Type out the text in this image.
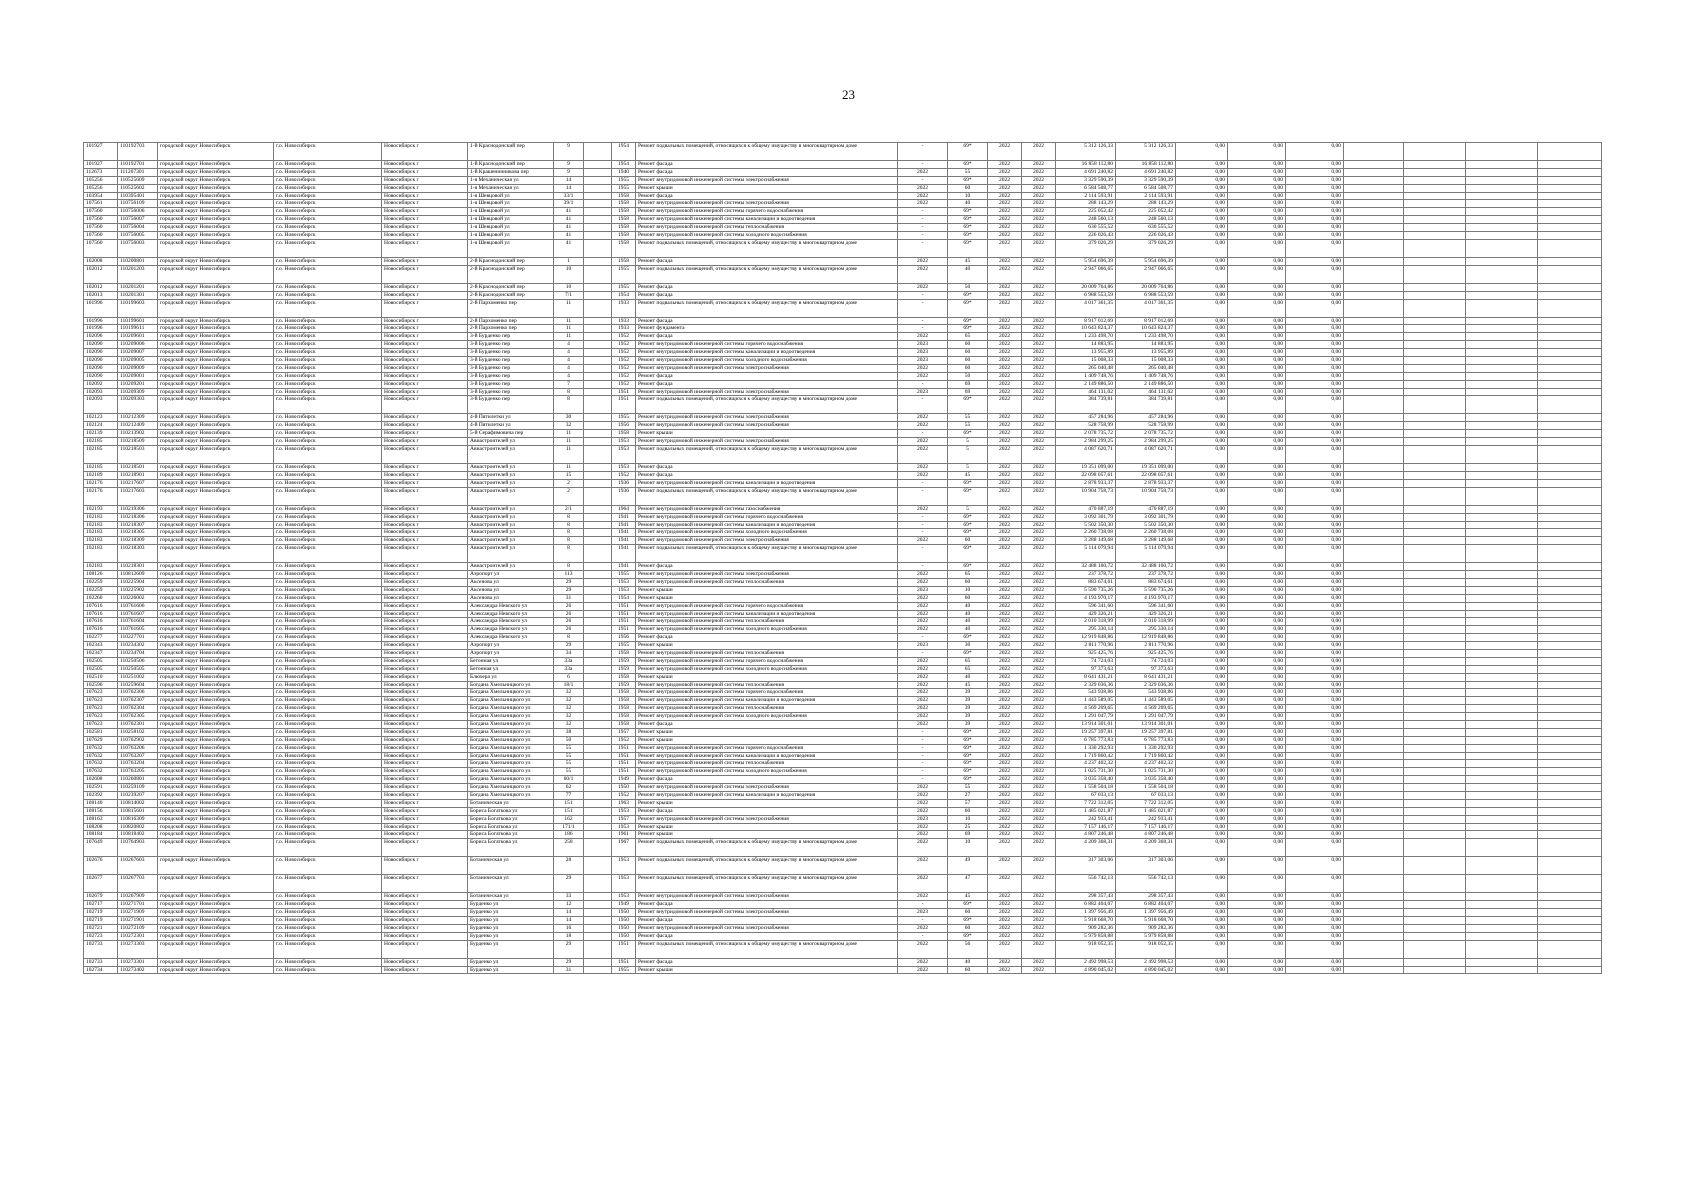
23
101927	110192703	городской округ Новосибирск	г.о. Новосибирск	Новосибирск г	1-й Краснодонский пер	9		1954	Ремонт подвальных помещений, относящихся к общему имуществу в многоквартирном доме	-	69*	2022	2022	5 312 126,33	5 312 126,33	0,00	0,00	0,00				
101927	110192701	городской округ Новосибирск	г.о. Новосибирск	Новосибирск г	1-й Краснодонский пер	9		1954	Ремонт фасада	-	69*	2022	2022	16 858 112,80	16 858 112,80	0,00	0,00	0,00				
112673	111267301	городской округ Новосибирск	г.о. Новосибирск	Новосибирск г	1-й Крашенинникова пер	9		1940	Ремонт фасада	2022	55	2022	2022	4 691 240,82	4 691 240,82	0,00	0,00	0,00				
105256	110525609	городской округ Новосибирск	г.о. Новосибирск	Новосибирск г	1-я Механическая ул	14		1955	Ремонт внутридомовой инженерной системы электроснабжения	-	69*	2022	2022	3 329 590,39	3 329 590,39	0,00	0,00	0,00				
105256	110525602	городской округ Новосибирск	г.о. Новосибирск	Новосибирск г	1-я Механическая ул	14		1955	Ремонт крыши	2022	60	2022	2022	6 584 508,77	6 584 508,77	0,00	0,00	0,00				
103954	110395401	городской округ Новосибирск	г.о. Новосибирск	Новосибирск г	1-я Шевцовой ул	33/1		1958	Ремонт фасада	2022	10	2022	2022	2 114 593,91	2 114 593,91	0,00	0,00	0,00				
107561	110756109	городской округ Новосибирск	г.о. Новосибирск	Новосибирск г	1-я Шевцовой ул	39/1		1958	Ремонт внутридомовой инженерной системы электроснабжения	2022	40	2022	2022	288 143,29	288 143,29	0,00	0,00	0,00				
107560	110756006	городской округ Новосибирск	г.о. Новосибирск	Новосибирск г	1-я Шевцовой ул	41		1958	Ремонт внутридомовой инженерной системы горячего водоснабжения	-	69*	2022	2022	225 052,42	225 052,42	0,00	0,00	0,00				
107560	110756007	городской округ Новосибирск	г.о. Новосибирск	Новосибирск г	1-я Шевцовой ул	41		1958	Ремонт внутридомовой инженерной системы канализации и водоотведения	-	69*	2022	2022	248 560,13	248 560,13	0,00	0,00	0,00				
107560	110756004	городской округ Новосибирск	г.о. Новосибирск	Новосибирск г	1-я Шевцовой ул	41		1958	Ремонт внутридомовой инженерной системы теплоснабжения	-	69*	2022	2022	630 555,52	630 555,52	0,00	0,00	0,00				
107560	110756005	городской округ Новосибирск	г.о. Новосибирск	Новосибирск г	1-я Шевцовой ул	41		1958	Ремонт внутридомовой инженерной системы холодного водоснабжения	-	69*	2022	2022	226 026,43	226 026,43	0,00	0,00	0,00				
107560	110756003	городской округ Новосибирск	г.о. Новосибирск	Новосибирск г	1-я Шевцовой ул	41		1958	Ремонт подвальных помещений, относящихся к общему имуществу в многоквартирном доме	-	69*	2022	2022	379 026,29	379 026,29	0,00	0,00	0,00				
102008	110200801	городской округ Новосибирск	г.о. Новосибирск	Новосибирск г	2-й Краснодонский пер	1		1958	Ремонт фасада	2022	45	2022	2022	5 954 696,39	5 954 696,39	0,00	0,00	0,00				
102012	110201203	городской округ Новосибирск	г.о. Новосибирск	Новосибирск г	2-й Краснодонский пер	10		1955	Ремонт подвальных помещений, относящихся к общему имуществу в многоквартирном доме	2022	40	2022	2022	2 947 066,65	2 947 066,65	0,00	0,00	0,00				
102012	110201201	городской округ Новосибирск	г.о. Новосибирск	Новосибирск г	2-й Краснодонский пер	10		1955	Ремонт фасада	2022	50	2022	2022	20 009 764,86	20 009 764,86	0,00	0,00	0,00				
102013	110201301	городской округ Новосибирск	г.о. Новосибирск	Новосибирск г	2-й Краснодонский пер	7/1		1954	Ремонт фасада	-	69*	2022	2022	6 988 553,59	6 988 553,59	0,00	0,00	0,00				
101996	110199603	городской округ Новосибирск	г.о. Новосибирск	Новосибирск г	2-й Пархоменко пер	11		1933	Ремонт подвальных помещений, относящихся к общему имуществу в многоквартирном доме	-	69*	2022	2022	4 017 361,35	4 017 361,35	0,00	0,00	0,00				
101996	110199601	городской округ Новосибирск	г.о. Новосибирск	Новосибирск г	2-й Пархоменко пер	11		1933	Ремонт фасада	-	69*	2022	2022	8 917 012,69	8 917 012,69	0,00	0,00	0,00				
101996	110199611	городской округ Новосибирск	г.о. Новосибирск	Новосибирск г	2-й Пархоменко пер	11		1933	Ремонт фундамента	-	69*	2022	2022	10 643 824,37	10 643 824,37	0,00	0,00	0,00				
102096	110209601	городской округ Новосибирск	г.о. Новосибирск	Новосибирск г	3-й Бурденко пер	11		1952	Ремонт фасада	2022	65	2022	2022	1 233 498,70	1 233 498,70	0,00	0,00	0,00				
102090	110209006	городской округ Новосибирск	г.о. Новосибирск	Новосибирск г	3-й Бурденко пер	4		1952	Ремонт внутридомовой инженерной системы горячего водоснабжения	2023	60	2022	2022	14 883,95	14 883,95	0,00	0,00	0,00				
102090	110209007	городской округ Новосибирск	г.о. Новосибирск	Новосибирск г	3-й Бурденко пер	4		1952	Ремонт внутридомовой инженерной системы канализации и водоотведения	2023	60	2022	2022	13 955,89	13 955,89	0,00	0,00	0,00				
102090	110209005	городской округ Новосибирск	г.о. Новосибирск	Новосибирск г	3-й Бурденко пер	4		1952	Ремонт внутридомовой инженерной системы холодного водоснабжения	2023	60	2022	2022	15 008,33	15 008,33	0,00	0,00	0,00				
102090	110209009	городской округ Новосибирск	г.о. Новосибирск	Новосибирск г	3-й Бурденко пер	4		1952	Ремонт внутридомовой инженерной системы электроснабжения	2022	60	2022	2022	265 040,48	265 040,48	0,00	0,00	0,00				
102090	110209001	городской округ Новосибирск	г.о. Новосибирск	Новосибирск г	3-й Бурденко пер	4		1952	Ремонт фасада	2022	50	2022	2022	1 409 748,76	1 409 748,76	0,00	0,00	0,00				
102092	110209201	городской округ Новосибирск	г.о. Новосибирск	Новосибирск г	3-й Бурденко пер	7		1952	Ремонт фасада	-	69	2022	2022	2 149 886,50	2 149 886,50	0,00	0,00	0,00				
102093	110209309	городской округ Новосибирск	г.о. Новосибирск	Новосибирск г	3-й Бурденко пер	8		1951	Ремонт внутридомовой инженерной системы электроснабжения	2023	69	2022	2022	464 131,02	464 131,02	0,00	0,00	0,00				
102093	110209303	городской округ Новосибирск	г.о. Новосибирск	Новосибирск г	3-й Бурденко пер	8		1951	Ремонт подвальных помещений, относящихся к общему имуществу в многоквартирном доме	-	69*	2022	2022	384 739,81	384 739,81	0,00	0,00	0,00				
102123	110212309	городской округ Новосибирск	г.о. Новосибирск	Новосибирск г	4-й Пятилетки ул	30		1955	Ремонт внутридомовой инженерной системы электроснабжения	2022	55	2022	2022	457 284,96	457 284,96	0,00	0,00	0,00				
102124	110212409	городской округ Новосибирск	г.о. Новосибирск	Новосибирск г	4-й Пятилетки ул	32		1956	Ремонт внутридомовой инженерной системы электроснабжения	2022	55	2022	2022	528 758,99	528 758,99	0,00	0,00	0,00				
102139	110213902	городской округ Новосибирск	г.о. Новосибирск	Новосибирск г	5-й Серафимовича пер	11		1958	Ремонт крыши	-	69*	2022	2022	2 078 735,72	2 078 735,72	0,00	0,00	0,00				
102185	110218509	городской округ Новосибирск	г.о. Новосибирск	Новосибирск г	Авиастроителей ул	11		1953	Ремонт внутридомовой инженерной системы электроснабжения	2022	5	2022	2022	2 984 299,25	2 984 299,25	0,00	0,00	0,00				
102185	110218503	городской округ Новосибирск	г.о. Новосибирск	Новосибирск г	Авиастроителей ул	11		1953	Ремонт подвальных помещений, относящихся к общему имуществу в многоквартирном доме	2022	5	2022	2022	4 087 620,71	4 087 620,71	0,00	0,00	0,00				
102185	110218501	городской округ Новосибирск	г.о. Новосибирск	Новосибирск г	Авиастроителей ул	11		1953	Ремонт фасада	2022	5	2022	2022	19 351 099,00	19 351 099,00	0,00	0,00	0,00				
102189	110218901	городской округ Новосибирск	г.о. Новосибирск	Новосибирск г	Авиастроителей ул	15		1952	Ремонт фасада	2022	45	2022	2022	22 098 057,61	22 098 057,61	0,00	0,00	0,00				
102176	110217607	городской округ Новосибирск	г.о. Новосибирск	Новосибирск г	Авиастроителей ул	2		1936	Ремонт внутридомовой инженерной системы канализации и водоотведения	-	69*	2022	2022	2 878 933,37	2 878 933,37	0,00	0,00	0,00				
102176	110217603	городской округ Новосибирск	г.о. Новосибирск	Новосибирск г	Авиастроителей ул	2		1936	Ремонт подвальных помещений, относящихся к общему имуществу в многоквартирном доме	-	69*	2022	2022	10 904 758,73	10 904 758,73	0,00	0,00	0,00				
102193	110219306	городской округ Новосибирск	г.о. Новосибирск	Новосибирск г	Авиастроителей ул	2/1		1964	Ремонт внутридомовой инженерной системы газоснабжения	2022	5	2022	2022	470 887,19	470 887,19	0,00	0,00	0,00				
102183	110218306	городской округ Новосибирск	г.о. Новосибирск	Новосибирск г	Авиастроителей ул	8		1941	Ремонт внутридомовой инженерной системы горячего водоснабжения	-	69*	2022	2022	3 092 301,79	3 092 301,79	0,00	0,00	0,00				
102183	110218307	городской округ Новосибирск	г.о. Новосибирск	Новосибирск г	Авиастроителей ул	8		1941	Ремонт внутридомовой инженерной системы канализации и водоотведения	-	69*	2022	2022	5 502 350,30	5 502 350,30	0,00	0,00	0,00				
102183	110218305	городской округ Новосибирск	г.о. Новосибирск	Новосибирск г	Авиастроителей ул	8		1941	Ремонт внутридомовой инженерной системы холодного водоснабжения	-	69*	2022	2022	2 260 738,08	2 260 738,08	0,00	0,00	0,00				
102183	110218309	городской округ Новосибирск	г.о. Новосибирск	Новосибирск г	Авиастроителей ул	8		1941	Ремонт внутридомовой инженерной системы электроснабжения	2022	60	2022	2022	3 288 149,68	3 288 149,68	0,00	0,00	0,00				
102183	110218303	городской округ Новосибирск	г.о. Новосибирск	Новосибирск г	Авиастроителей ул	8		1941	Ремонт подвальных помещений, относящихся к общему имуществу в многоквартирном доме	-	69*	2022	2022	5 114 079,94	5 114 079,94	0,00	0,00	0,00				
102183	110218301	городской округ Новосибирск	г.о. Новосибирск	Новосибирск г	Авиастроителей ул	8		1941	Ремонт фасада	-	69*	2022	2022	32 488 160,72	32 488 160,72	0,00	0,00	0,00				
108126	110812609	городской округ Новосибирск	г.о. Новосибирск	Новосибирск г	Аэропорт ул	113		1955	Ремонт внутридомовой инженерной системы электроснабжения	2022	65	2022	2022	237 378,72	237 378,72	0,00	0,00	0,00				
102259	110225904	городской округ Новосибирск	г.о. Новосибирск	Новосибирск г	Аксенова ул	29		1953	Ремонт внутридомовой инженерной системы теплоснабжения	2022	60	2022	2022	883 674,61	883 674,61	0,00	0,00	0,00				
102259	110225902	городской округ Новосибирск	г.о. Новосибирск	Новосибирск г	Аксенова ул	29		1953	Ремонт крыши	2023	10	2022	2022	5 590 735,26	5 590 735,26	0,00	0,00	0,00				
102260	110226002	городской округ Новосибирск	г.о. Новосибирск	Новосибирск г	Аксенова ул	31		1954	Ремонт крыши	2022	60	2022	2022	4 193 970,17	4 193 970,17	0,00	0,00	0,00				
107616	110761606	городской округ Новосибирск	г.о. Новосибирск	Новосибирск г	Александра Невского ул	26		1951	Ремонт внутридомовой инженерной системы горячего водоснабжения	2022	40	2022	2022	596 341,60	596 341,60	0,00	0,00	0,00				
107616	110761607	городской округ Новосибирск	г.о. Новосибирск	Новосибирск г	Александра Невского ул	26		1951	Ремонт внутридомовой инженерной системы канализации и водоотведения	2022	40	2022	2022	429 326,21	429 326,21	0,00	0,00	0,00				
107616	110761604	городской округ Новосибирск	г.о. Новосибирск	Новосибирск г	Александра Невского ул	26		1951	Ремонт внутридомовой инженерной системы теплоснабжения	2022	40	2022	2022	2 010 318,99	2 010 318,99	0,00	0,00	0,00				
107616	110761605	городской округ Новосибирск	г.о. Новосибирск	Новосибирск г	Александра Невского ул	26		1951	Ремонт внутридомовой инженерной системы холодного водоснабжения	2022	40	2022	2022	295 330,14	295 330,14	0,00	0,00	0,00				
102277	110227701	городской округ Новосибирск	г.о. Новосибирск	Новосибирск г	Александра Невского ул	8		1956	Ремонт фасада	-	69*	2022	2022	12 919 848,86	12 919 848,86	0,00	0,00	0,00				
102343	110234302	городской округ Новосибирск	г.о. Новосибирск	Новосибирск г	Аэропорт ул	29		1955	Ремонт крыши	2023	30	2022	2022	2 811 770,96	2 811 770,96	0,00	0,00	0,00				
102347	110234704	городской округ Новосибирск	г.о. Новосибирск	Новосибирск г	Аэропорт ул	34		1958	Ремонт внутридомовой инженерной системы теплоснабжения	-	69*	2022	2022	925 425,76	925 425,76	0,00	0,00	0,00				
102505	110250506	городской округ Новосибирск	г.о. Новосибирск	Новосибирск г	Бетонная ул	33а		1959	Ремонт внутридомовой инженерной системы горячего водоснабжения	2022	65	2022	2022	74 724,03	74 724,03	0,00	0,00	0,00				
102505	110250505	городской округ Новосибирск	г.о. Новосибирск	Новосибирск г	Бетонная ул	33а		1959	Ремонт внутридомовой инженерной системы холодного водоснабжения	2022	65	2022	2022	97 373,63	97 373,63	0,00	0,00	0,00				
102510	110251002	городской округ Новосибирск	г.о. Новосибирск	Новосибирск г	Блюхера ул	6		1958	Ремонт крыши	2022	40	2022	2022	8 641 431,21	8 641 431,21	0,00	0,00	0,00				
102596	110259604	городской округ Новосибирск	г.о. Новосибирск	Новосибирск г	Богдана Хмельницкого ул	18/1		1959	Ремонт внутридомовой инженерной системы теплоснабжения	2022	45	2022	2022	2 329 036,36	2 329 036,36	0,00	0,00	0,00				
107623	110762306	городской округ Новосибирск	г.о. Новосибирск	Новосибирск г	Богдана Хмельницкого ул	32		1958	Ремонт внутридомовой инженерной системы горячего водоснабжения	2022	39	2022	2022	543 938,86	543 938,86	0,00	0,00	0,00				
107623	110762307	городской округ Новосибирск	г.о. Новосибирск	Новосибирск г	Богдана Хмельницкого ул	32		1958	Ремонт внутридомовой инженерной системы канализации и водоотведения	2022	39	2022	2022	1 443 589,05	1 443 589,05	0,00	0,00	0,00				
107623	110762304	городской округ Новосибирск	г.о. Новосибирск	Новосибирск г	Богдана Хмельницкого ул	32		1958	Ремонт внутридомовой инженерной системы теплоснабжения	2022	39	2022	2022	4 569 209,65	4 569 209,65	0,00	0,00	0,00				
107623	110762305	городской округ Новосибирск	г.о. Новосибирск	Новосибирск г	Богдана Хмельницкого ул	32		1958	Ремонт внутридомовой инженерной системы холодного водоснабжения	2022	39	2022	2022	1 291 047,79	1 291 047,79	0,00	0,00	0,00				
107623	110762301	городской округ Новосибирск	г.о. Новосибирск	Новосибирск г	Богдана Хмельницкого ул	32		1958	Ремонт фасада	2022	39	2022	2022	13 914 301,01	13 914 301,01	0,00	0,00	0,00				
102581	110258102	городской округ Новосибирск	г.о. Новосибирск	Новосибирск г	Богдана Хмельницкого ул	38		1957	Ремонт крыши	-	69*	2022	2022	19 257 397,81	19 257 397,81	0,00	0,00	0,00				
107629	110762902	городской округ Новосибирск	г.о. Новосибирск	Новосибирск г	Богдана Хмельницкого ул	50		1952	Ремонт крыши	-	69*	2022	2022	6 785 773,83	6 785 773,83	0,00	0,00	0,00				
107632	110763206	городской округ Новосибирск	г.о. Новосибирск	Новосибирск г	Богдана Хмельницкого ул	55		1951	Ремонт внутридомовой инженерной системы горячего водоснабжения	-	69*	2022	2022	1 330 292,93	1 330 292,93	0,00	0,00	0,00				
107632	110763207	городской округ Новосибирск	г.о. Новосибирск	Новосибирск г	Богдана Хмельницкого ул	55		1951	Ремонт внутридомовой инженерной системы канализации и водоотведения	-	69*	2022	2022	1 719 860,42	1 719 860,42	0,00	0,00	0,00				
107632	110763204	городской округ Новосибирск	г.о. Новосибирск	Новосибирск г	Богдана Хмельницкого ул	55		1951	Ремонт внутридомовой инженерной системы теплоснабжения	-	69*	2022	2022	4 237 402,32	4 237 402,32	0,00	0,00	0,00				
107632	110763205	городской округ Новосибирск	г.о. Новосибирск	Новосибирск г	Богдана Хмельницкого ул	55		1951	Ремонт внутридомовой инженерной системы холодного водоснабжения	-	69*	2022	2022	1 025 731,30	1 025 731,30	0,00	0,00	0,00				
102608	110260801	городской округ Новосибирск	г.о. Новосибирск	Новосибирск г	Богдана Хмельницкого ул	60/1		1949	Ремонт фасада	-	69*	2022	2022	3 035 358,40	3 035 358,40	0,00	0,00	0,00				
102591	110259109	городской округ Новосибирск	г.о. Новосибирск	Новосибирск г	Богдана Хмельницкого ул	62		1950	Ремонт внутридомовой инженерной системы электроснабжения	2022	55	2022	2022	1 558 504,18	1 558 504,18	0,00	0,00	0,00				
102392	110239207	городской округ Новосибирск	г.о. Новосибирск	Новосибирск г	Богдана Хмельницкого ул	77		1952	Ремонт внутридомовой инженерной системы канализации и водоотведения	2022	27	2022	2022	67 033,13	67 033,13	0,00	0,00	0,00				
108140	110814002	городской округ Новосибирск	г.о. Новосибирск	Новосибирск г	Ботаническая ул	151		1963	Ремонт крыши	2022	57	2022	2022	7 722 312,05	7 722 312,05	0,00	0,00	0,00				
108156	110815601	городской округ Новосибирск	г.о. Новосибирск	Новосибирск г	Бориса Богаткова ул	151		1953	Ремонт фасада	2022	60	2022	2022	1 485 021,87	1 485 021,87	0,00	0,00	0,00				
108163	110816309	городской округ Новосибирск	г.о. Новосибирск	Новосибирск г	Бориса Богаткова ул	162		1957	Ремонт внутридомовой инженерной системы электроснабжения	2023	10	2022	2022	242 933,41	242 933,41	0,00	0,00	0,00				
108208	110820802	городской округ Новосибирск	г.о. Новосибирск	Новосибирск г	Бориса Богаткова ул	171/1		1953	Ремонт крыши	2022	25	2022	2022	7 157 146,17	7 157 146,17	0,00	0,00	0,00				
108184	110818402	городской округ Новосибирск	г.о. Новосибирск	Новосибирск г	Бориса Богаткова ул	186		1961	Ремонт крыши	2022	69	2022	2022	4 807 246,48	4 807 246,48	0,00	0,00	0,00				
107649	110764903	городской округ Новосибирск	г.о. Новосибирск	Новосибирск г	Бориса Богаткова ул	258		1967	Ремонт подвальных помещений, относящихся к общему имуществу в многоквартирном доме	2022	10	2022	2022	4 209 368,31	4 209 368,31	0,00	0,00	0,00				
102676	110267603	городской округ Новосибирск	г.о. Новосибирск	Новосибирск г	Ботаническая ул	28		1953	Ремонт подвальных помещений, относящихся к общему имуществу в многоквартирном доме	2022	49	2022	2022	317 303,06	317 303,06	0,00	0,00	0,00				
102677	110267703	городской округ Новосибирск	г.о. Новосибирск	Новосибирск г	Ботаническая ул	29		1953	Ремонт подвальных помещений, относящихся к общему имуществу в многоквартирном доме	2022	47	2022	2022	556 742,13	556 742,13	0,00	0,00	0,00				
102679	110267909	городской округ Новосибирск	г.о. Новосибирск	Новосибирск г	Ботаническая ул	33		1953	Ремонт внутридомовой инженерной системы электроснабжения	2022	45	2022	2022	298 357,43	298 357,43	0,00	0,00	0,00				
102717	110271701	городской округ Новосибирск	г.о. Новосибирск	Новосибирск г	Бурденко ул	12		1949	Ремонт фасада	-	69*	2022	2022	6 882 404,07	6 882 404,07	0,00	0,00	0,00				
102719	110271909	городской округ Новосибирск	г.о. Новосибирск	Новосибирск г	Бурденко ул	14		1950	Ремонт внутридомовой инженерной системы электроснабжения	2023	60	2022	2022	1 397 956,49	1 397 956,49	0,00	0,00	0,00				
102719	110271901	городской округ Новосибирск	г.о. Новосибирск	Новосибирск г	Бурденко ул	14		1950	Ремонт фасада	-	69*	2022	2022	5 918 668,70	5 918 668,70	0,00	0,00	0,00				
102721	110272109	городской округ Новосибирск	г.о. Новосибирск	Новосибирск г	Бурденко ул	16		1950	Ремонт внутридомовой инженерной системы электроснабжения	2022	60	2022	2022	909 282,36	909 282,36	0,00	0,00	0,00				
102723	110272301	городской округ Новосибирск	г.о. Новосибирск	Новосибирск г	Бурденко ул	18		1950	Ремонт фасада	-	69*	2022	2022	5 979 858,88	5 979 858,88	0,00	0,00	0,00				
102733	110273303	городской округ Новосибирск	г.о. Новосибирск	Новосибирск г	Бурденко ул	29		1951	Ремонт подвальных помещений, относящихся к общему имуществу в многоквартирном доме	2022	56	2022	2022	918 052,35	918 052,35	0,00	0,00	0,00				
102733	110273301	городской округ Новосибирск	г.о. Новосибирск	Новосибирск г	Бурденко ул	29		1951	Ремонт фасада	2022	40	2022	2022	2 492 998,53	2 492 998,53	0,00	0,00	0,00				
102734	110273402	городской округ Новосибирск	г.о. Новосибирск	Новосибирск г	Бурденко ул	31		1955	Ремонт крыши	2022	60	2022	2022	4 890 045,02	4 890 045,02	0,00	0,00	0,00				
